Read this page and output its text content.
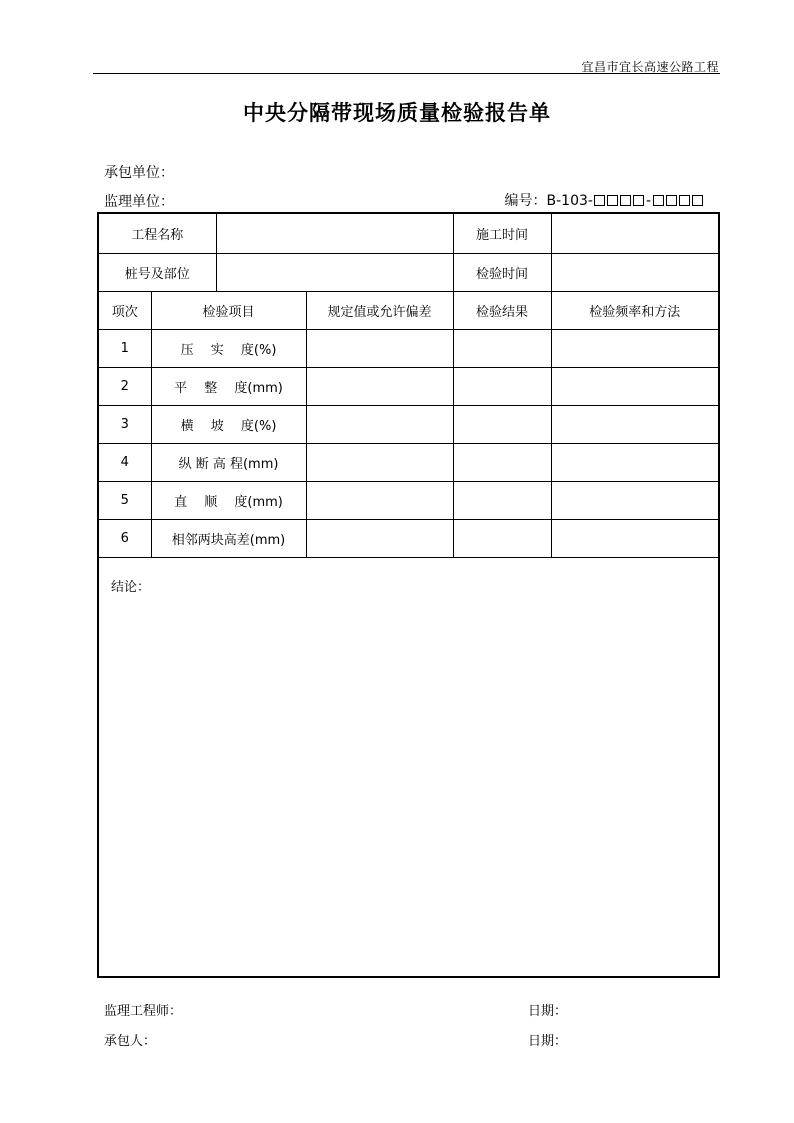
宜昌市宜长高速公路工程
中央分隔带现场质量检验报告单
承包单位：
监理单位：	编号：B-103-	-
工程名称				施工时间	
桩号及部位				检验时间	
项次	检验项目		规定值或允许偏差	检验结果	检验频率和方法
1	压　 实　 度(%)				
2	平　 整　 度(mm)				
3	横　 坡　 度(%)				
4	纵 断 高 程(mm)				
5	直　 顺　 度(mm)				
6	相邻两块高差(mm)				
结论：					
监理工程师：	日期：
承包人：	日期：
